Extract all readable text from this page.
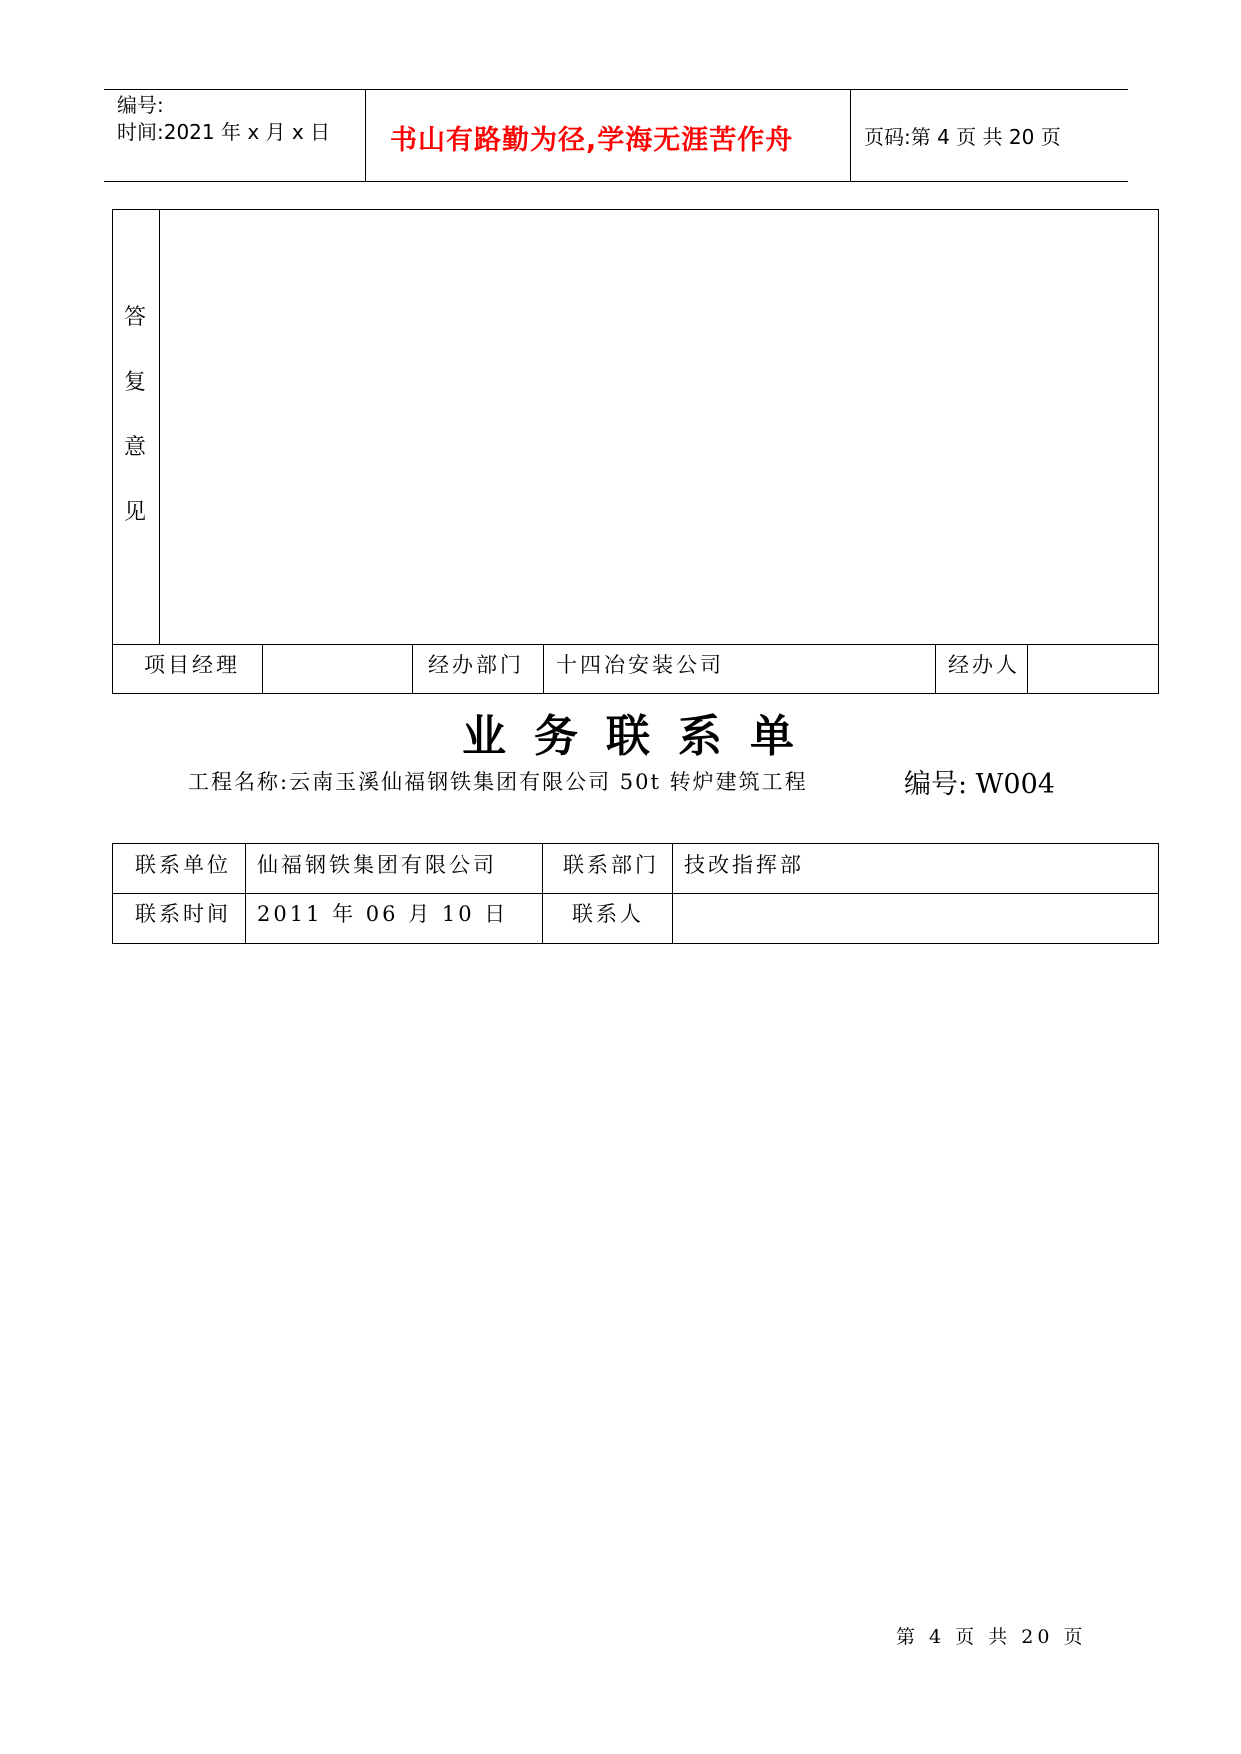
编号:
时间:2021 年 x 月 x 日 书山有路勤为径,学海无涯苦作舟	页码:第 4 页 共 20 页
答
复
意
见
项目经理	经办部门 十四冶安装公司	经办人
业务联系单
工程名称:云南玉溪仙福钢铁集团有限公司 50t 转炉建筑工程	编号: W004
联系单位 仙福钢铁集团有限公司	联系部门 技改指挥部
联系时间 2011 年 06 月 10 日	联系人
第 4 页 共 20 页
